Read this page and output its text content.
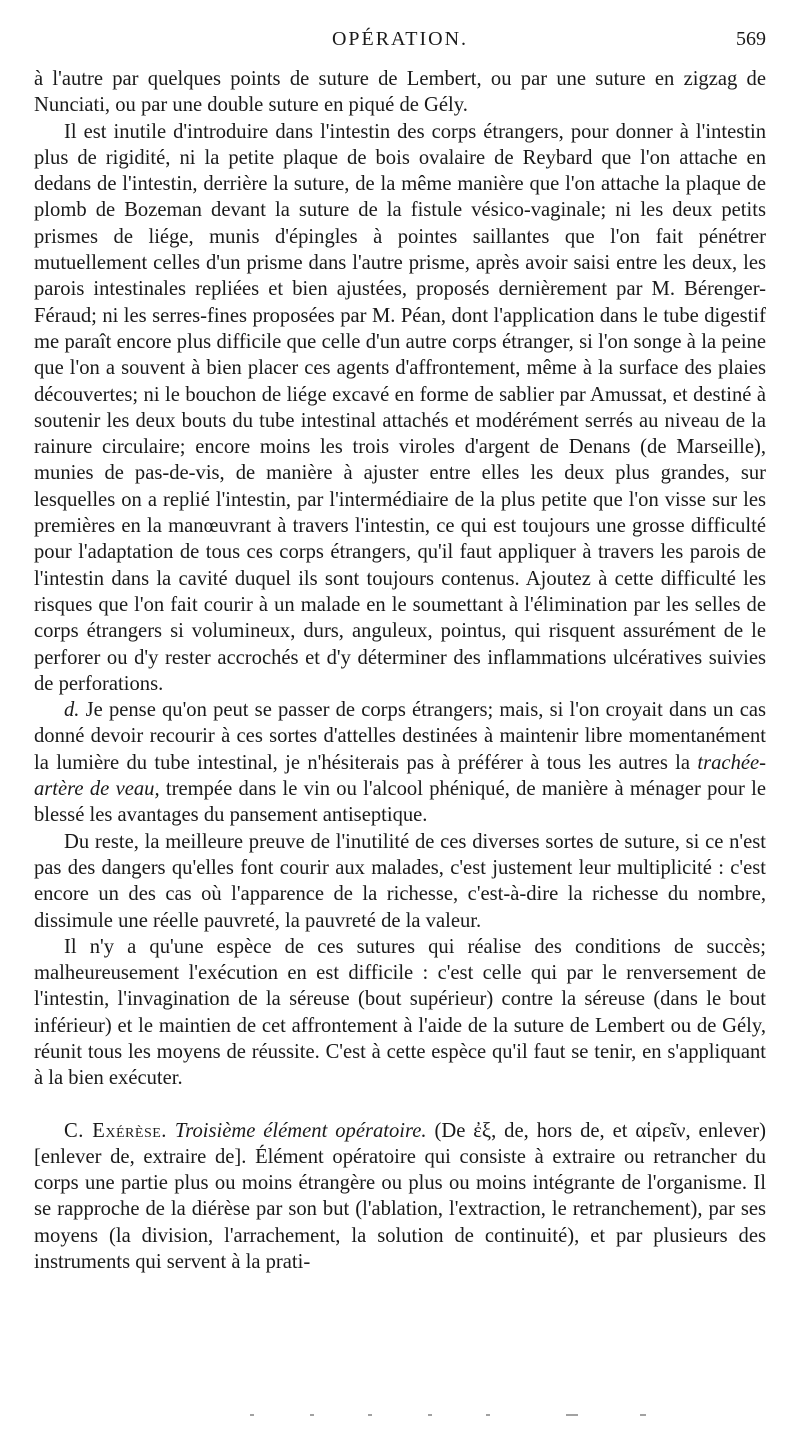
OPÉRATION.	569

à l'autre par quelques points de suture de Lembert, ou par une suture en zigzag de Nunciati, ou par une double suture en piqué de Gély.

Il est inutile d'introduire dans l'intestin des corps étrangers, pour donner à l'intestin plus de rigidité, ni la petite plaque de bois ovalaire de Reybard que l'on attache en dedans de l'intestin, derrière la suture, de la même manière que l'on attache la plaque de plomb de Bozeman devant la suture de la fistule vésico-vaginale; ni les deux petits prismes de liége, munis d'épingles à pointes saillantes que l'on fait pénétrer mutuellement celles d'un prisme dans l'autre prisme, après avoir saisi entre les deux, les parois intestinales repliées et bien ajustées, proposés dernièrement par M. Bérenger-Féraud; ni les serres-fines proposées par M. Péan, dont l'application dans le tube digestif me paraît encore plus difficile que celle d'un autre corps étranger, si l'on songe à la peine que l'on a souvent à bien placer ces agents d'affrontement, même à la surface des plaies découvertes; ni le bouchon de liége excavé en forme de sablier par Amussat, et destiné à soutenir les deux bouts du tube intestinal attachés et modérément serrés au niveau de la rainure circulaire; encore moins les trois viroles d'argent de Denans (de Marseille), munies de pas-de-vis, de manière à ajuster entre elles les deux plus grandes, sur lesquelles on a replié l'intestin, par l'intermédiaire de la plus petite que l'on visse sur les premières en la manœuvrant à travers l'intestin, ce qui est toujours une grosse difficulté pour l'adaptation de tous ces corps étrangers, qu'il faut appliquer à travers les parois de l'intestin dans la cavité duquel ils sont toujours contenus. Ajoutez à cette difficulté les risques que l'on fait courir à un malade en le soumettant à l'élimination par les selles de corps étrangers si volumineux, durs, anguleux, pointus, qui risquent assurément de le perforer ou d'y rester accrochés et d'y déterminer des inflammations ulcératives suivies de perforations.

d. Je pense qu'on peut se passer de corps étrangers; mais, si l'on croyait dans un cas donné devoir recourir à ces sortes d'attelles destinées à maintenir libre momentanément la lumière du tube intestinal, je n'hésiterais pas à préférer à tous les autres la trachée-artère de veau, trempée dans le vin ou l'alcool phéniqué, de manière à ménager pour le blessé les avantages du pansement antiseptique.

Du reste, la meilleure preuve de l'inutilité de ces diverses sortes de suture, si ce n'est pas des dangers qu'elles font courir aux malades, c'est justement leur multiplicité : c'est encore un des cas où l'apparence de la richesse, c'est-à-dire la richesse du nombre, dissimule une réelle pauvreté, la pauvreté de la valeur.

Il n'y a qu'une espèce de ces sutures qui réalise des conditions de succès; malheureusement l'exécution en est difficile : c'est celle qui par le renversement de l'intestin, l'invagination de la séreuse (bout supérieur) contre la séreuse (dans le bout inférieur) et le maintien de cet affrontement à l'aide de la suture de Lembert ou de Gély, réunit tous les moyens de réussite. C'est à cette espèce qu'il faut se tenir, en s'appliquant à la bien exécuter.

C. Exérèse. Troisième élément opératoire. (De ἐξ, de, hors de, et αἱρεῖν, enlever) [enlever de, extraire de]. Élément opératoire qui consiste à extraire ou retrancher du corps une partie plus ou moins étrangère ou plus ou moins intégrante de l'organisme. Il se rapproche de la diérèse par son but (l'ablation, l'extraction, le retranchement), par ses moyens (la division, l'arrachement, la solution de continuité), et par plusieurs des instruments qui servent à la prati-
